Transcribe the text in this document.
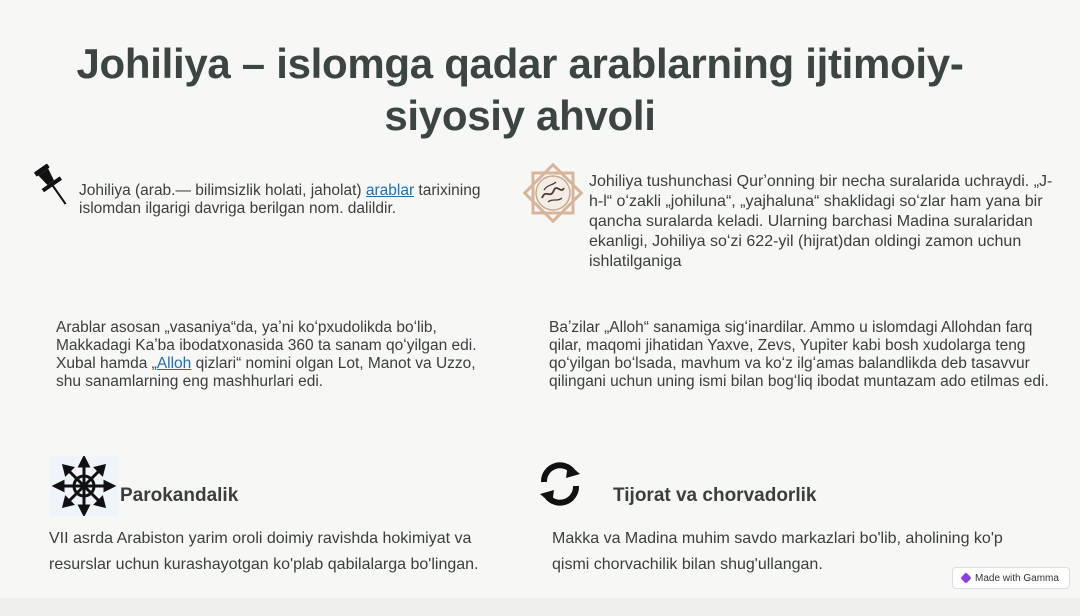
Johiliya – islomga qadar arablarning ijtimoiy-siyosiy ahvoli

Johiliya (arab.— bilimsizlik holati, jaholat) arablar tarixining islomdan ilgarigi davriga berilgan nom. dalildir.

Johiliya tushunchasi Qurʼonning bir necha suralarida uchraydi. „J-h-l“ oʻzakli „johiluna“, „yajhaluna“ shaklidagi soʻzlar ham yana bir qancha suralarda keladi. Ularning barchasi Madina suralaridan ekanligi, Johiliya soʻzi 622-yil (hijrat)dan oldingi zamon uchun ishlatilganiga

Arablar asosan „vasaniya“da, yaʼni koʻpxudolikda boʻlib, Makkadagi Kaʼba ibodatxonasida 360 ta sanam qoʻyilgan edi. Xubal hamda „Alloh qizlari“ nomini olgan Lot, Manot va Uzzo, shu sanamlarning eng mashhurlari edi.

Baʼzilar „Alloh“ sanamiga sigʻinardilar. Ammo u islomdagi Allohdan farq qilar, maqomi jihatidan Yaxve, Zevs, Yupiter kabi bosh xudolarga teng qoʻyilgan boʻlsada, mavhum va koʻz ilgʻamas balandlikda deb tasavvur qilingani uchun uning ismi bilan bogʻliq ibodat muntazam ado etilmas edi.

Parokandalik

VII asrda Arabiston yarim oroli doimiy ravishda hokimiyat va resurslar uchun kurashayotgan ko'plab qabilalarga bo'lingan.

Tijorat va chorvadorlik

Makka va Madina muhim savdo markazlari bo'lib, aholining ko'p qismi chorvachilik bilan shug'ullangan.

Made with Gamma
